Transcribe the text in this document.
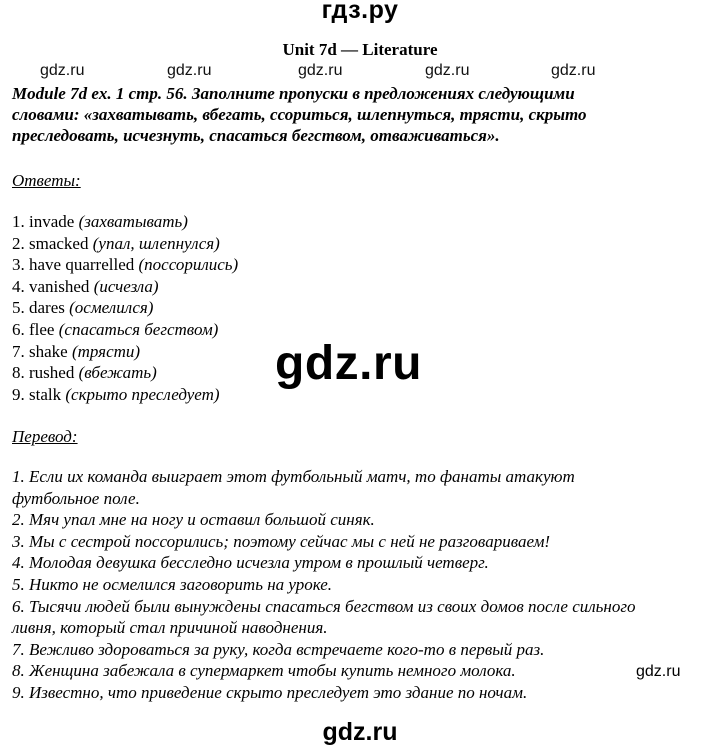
гдз.ру
Unit 7d — Literature
gdz.ru	gdz.ru	gdz.ru	gdz.ru	gdz.ru
Module 7d ex. 1 стр. 56. Заполните пропуски в предложениях следующими
словами: «захватывать, вбегать, ссориться, шлепнуться, трясти, скрыто
преследовать, исчезнуть, спасаться бегством, отваживаться».
Ответы:
1. invade (захватывать)
2. smacked (упал, шлепнулся)
3. have quarrelled (поссорились)
4. vanished (исчезла)
5. dares (осмелился)
6. flee (спасаться бегством)
7. shake (трясти)
8. rushed (вбежать)
9. stalk (скрыто преследует)
gdz.ru
Перевод:

1. Если их команда выиграет этот футбольный матч, то фанаты атакуют

футбольное поле.

2. Мяч упал мне на ногу и оставил большой синяк.

3. Мы с сестрой поссорились; поэтому сейчас мы с ней не разговариваем!

4. Молодая девушка бесследно исчезла утром в прошлый четверг.

5. Никто не осмелился заговорить на уроке.

6. Тысячи людей были вынуждены спасаться бегством из своих домов после сильного

ливня, который стал причиной наводнения.

7. Вежливо здороваться за руку, когда встречаете кого-то в первый раз.

8. Женщина забежала в супермаркет чтобы купить немного молока.

9. Известно, что приведение скрыто преследует это здание по ночам.

gdz.ru
gdz.ru
